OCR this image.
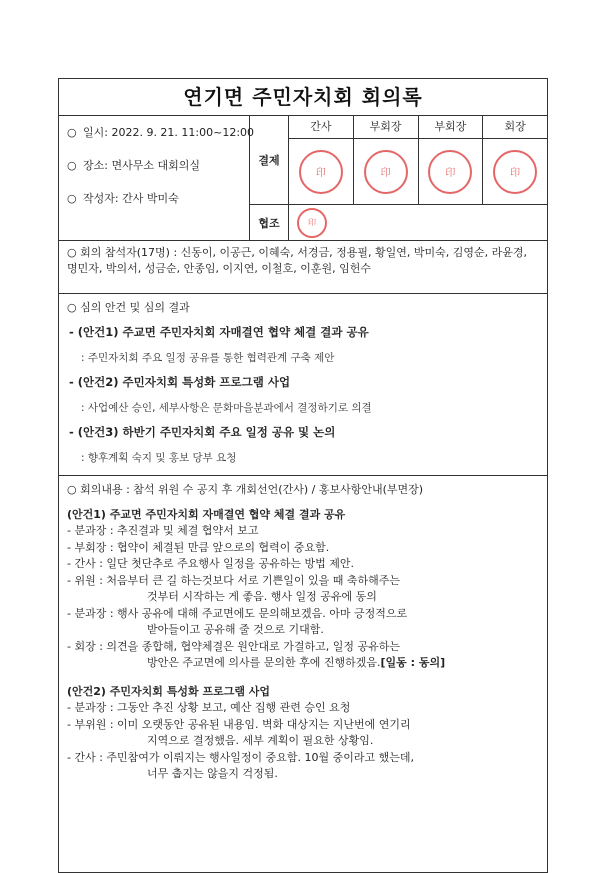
연기면 주민자치회 회의록
○ 일시: 2022. 9. 21. 11:00~12:00
○ 장소: 면사무소 대회의실
○ 작성자: 간사 박미숙
결제
간사
印
부회장
印
부회장
印
회장
印
협조	印
○ 회의 참석자(17명) : 신동이, 이공근, 이혜숙, 서경금, 정용필, 황일연, 박미숙, 김영순, 라윤경, 명민자, 박의서, 성금순, 안종임, 이지연, 이철호, 이훈원, 임헌수
○ 심의 안건 및 심의 결과
- (안건1) 주교면 주민자치회 자매결연 협약 체결 결과 공유
: 주민자치회 주요 일정 공유를 통한 협력관계 구축 제안
- (안건2) 주민자치회 특성화 프로그램 사업
: 사업예산 승인, 세부사항은 문화마을분과에서 결정하기로 의결
- (안건3) 하반기 주민자치회 주요 일정 공유 및 논의
: 향후계획 숙지 및 홍보 당부 요청
○ 회의내용 : 참석 위원 수 공지 후 개회선언(간사) / 홍보사항안내(부면장)
(안건1) 주교면 주민자치회 자매결연 협약 체결 결과 공유
- 분과장 : 추진결과 및 체결 협약서 보고
- 부회장 : 협약이 체결된 만큼 앞으로의 협력이 중요함.
- 간사 : 일단 첫단추로 주요행사 일정을 공유하는 방법 제안.
- 위원 : 처음부터 큰 길 하는것보다 서로 기쁜일이 있을 때 축하해주는
것부터 시작하는 게 좋음. 행사 일정 공유에 동의
- 분과장 : 행사 공유에 대해 주교면에도 문의해보겠음. 아마 긍정적으로
받아들이고 공유해 줄 것으로 기대함.
- 회장 : 의견을 종합해, 협약체결은 원안대로 가결하고, 일정 공유하는
방안은 주교면에 의사를 문의한 후에 진행하겠음.[일동 : 동의]
(안건2) 주민자치회 특성화 프로그램 사업
- 분과장 : 그동안 추진 상황 보고, 예산 집행 관련 승인 요청
- 부위원 : 이미 오랫동안 공유된 내용임. 벽화 대상지는 지난번에 연기리
지역으로 결정했음. 세부 계획이 필요한 상황임.
- 간사 : 주민참여가 이뤄지는 행사일정이 중요함. 10월 중이라고 했는데,
너무 춥지는 않을지 걱정됨.
